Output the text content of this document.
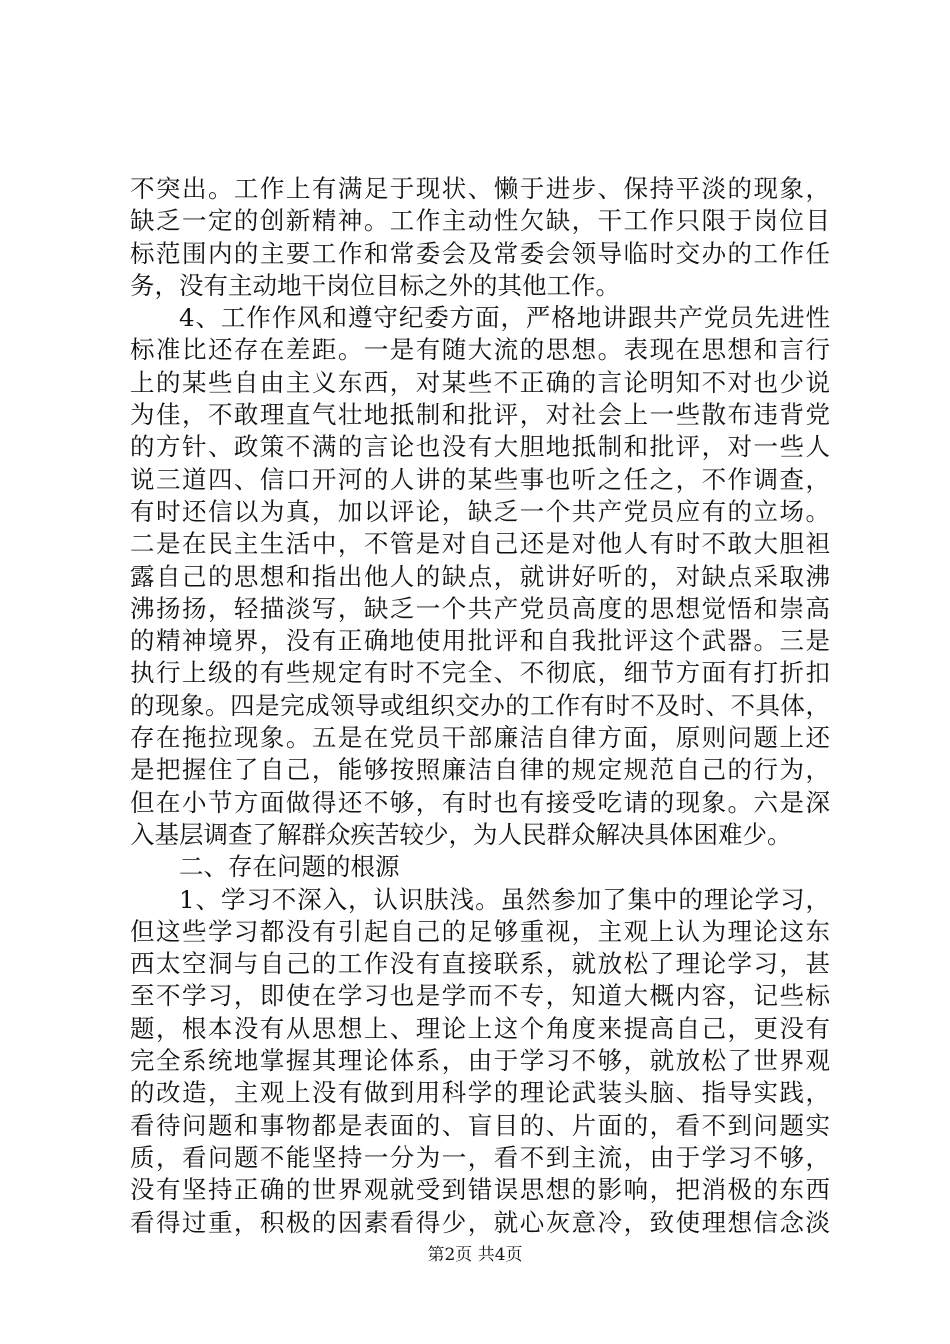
不突出。工作上有满足于现状、懒于进步、保持平淡的现象，
缺乏一定的创新精神。工作主动性欠缺，干工作只限于岗位目
标范围内的主要工作和常委会及常委会领导临时交办的工作任
务，没有主动地干岗位目标之外的其他工作。
4、工作作风和遵守纪委方面，严格地讲跟共产党员先进性
标准比还存在差距。一是有随大流的思想。表现在思想和言行
上的某些自由主义东西，对某些不正确的言论明知不对也少说
为佳，不敢理直气壮地抵制和批评，对社会上一些散布违背党
的方针、政策不满的言论也没有大胆地抵制和批评，对一些人
说三道四、信口开河的人讲的某些事也听之任之，不作调查，
有时还信以为真，加以评论，缺乏一个共产党员应有的立场。
二是在民主生活中，不管是对自己还是对他人有时不敢大胆袒
露自己的思想和指出他人的缺点，就讲好听的，对缺点采取沸
沸扬扬，轻描淡写，缺乏一个共产党员高度的思想觉悟和崇高
的精神境界，没有正确地使用批评和自我批评这个武器。三是
执行上级的有些规定有时不完全、不彻底，细节方面有打折扣
的现象。四是完成领导或组织交办的工作有时不及时、不具体，
存在拖拉现象。五是在党员干部廉洁自律方面，原则问题上还
是把握住了自己，能够按照廉洁自律的规定规范自己的行为，
但在小节方面做得还不够，有时也有接受吃请的现象。六是深
入基层调查了解群众疾苦较少，为人民群众解决具体困难少。
二、存在问题的根源
1、学习不深入，认识肤浅。虽然参加了集中的理论学习，
但这些学习都没有引起自己的足够重视，主观上认为理论这东
西太空洞与自己的工作没有直接联系，就放松了理论学习，甚
至不学习，即使在学习也是学而不专，知道大概内容，记些标
题，根本没有从思想上、理论上这个角度来提高自己，更没有
完全系统地掌握其理论体系，由于学习不够，就放松了世界观
的改造，主观上没有做到用科学的理论武装头脑、指导实践，
看待问题和事物都是表面的、盲目的、片面的，看不到问题实
质，看问题不能坚持一分为一，看不到主流，由于学习不够，
没有坚持正确的世界观就受到错误思想的影响，把消极的东西
看得过重，积极的因素看得少，就心灰意冷，致使理想信念淡
第2页 共4页
